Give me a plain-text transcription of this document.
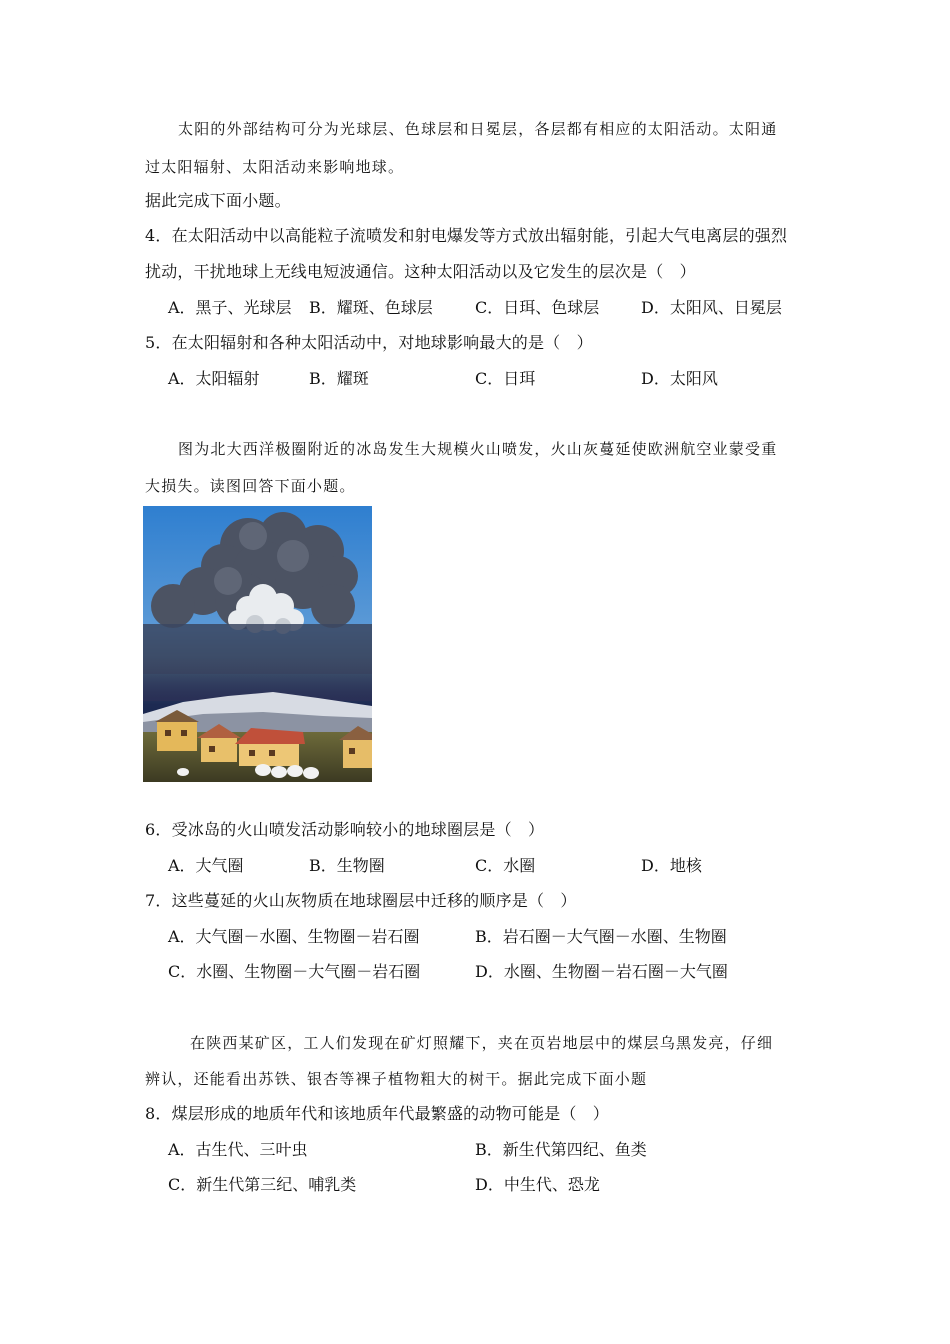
太阳的外部结构可分为光球层、色球层和日冕层，各层都有相应的太阳活动。太阳通
过太阳辐射、太阳活动来影响地球。
据此完成下面小题。
4．在太阳活动中以高能粒子流喷发和射电爆发等方式放出辐射能，引起大气电离层的强烈
扰动，干扰地球上无线电短波通信。这种太阳活动以及它发生的层次是（　）
A．黑子、光球层 B．耀斑、色球层	C．日珥、色球层	D．太阳风、日冕层
5．在太阳辐射和各种太阳活动中，对地球影响最大的是（　）
A．太阳辐射	B．耀斑	C．日珥	D．太阳风
图为北大西洋极圈附近的冰岛发生大规模火山喷发，火山灰蔓延使欧洲航空业蒙受重
大损失。读图回答下面小题。
6．受冰岛的火山喷发活动影响较小的地球圈层是（　）
A．大气圈	B．生物圈	C．水圈	D．地核
7．这些蔓延的火山灰物质在地球圈层中迁移的顺序是（　）
A．大气圈－水圈、生物圈－岩石圈	B．岩石圈－大气圈－水圈、生物圈
C．水圈、生物圈－大气圈－岩石圈	D．水圈、生物圈－岩石圈－大气圈
在陕西某矿区，工人们发现在矿灯照耀下，夹在页岩地层中的煤层乌黑发亮，仔细
辨认，还能看出苏铁、银杏等裸子植物粗大的树干。据此完成下面小题
8．煤层形成的地质年代和该地质年代最繁盛的动物可能是（　）
A．古生代、三叶虫	B．新生代第四纪、鱼类
C．新生代第三纪、哺乳类	D．中生代、恐龙
